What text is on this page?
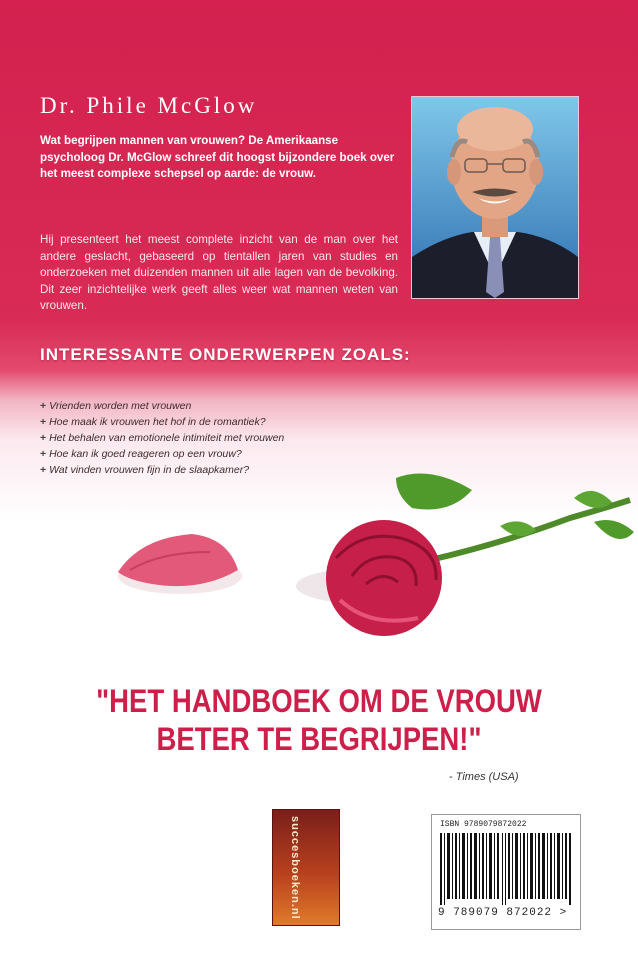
Dr. Phile McGlow
Wat begrijpen mannen van vrouwen? De Amerikaanse psycholoog Dr. McGlow schreef dit hoogst bijzondere boek over het meest complexe schepsel op aarde: de vrouw.
Hij presenteert het meest complete inzicht van de man over het andere geslacht, gebaseerd op tientallen jaren van studies en onderzoeken met duizenden mannen uit alle lagen van de bevolking. Dit zeer inzichtelijke werk geeft alles weer wat mannen weten van vrouwen.
INTERESSANTE ONDERWERPEN ZOALS:
+ Vrienden worden met vrouwen
+ Hoe maak ik vrouwen het hof in de romantiek?
+ Het behalen van emotionele intimiteit met vrouwen
+ Hoe kan ik goed reageren op een vrouw?
+ Wat vinden vrouwen fijn in de slaapkamer?
"HET HANDBOEK OM DE VROUW
BETER TE BEGRIJPEN!"
- Times (USA)
succesboeken.nl	ISBN 9789079872022
9 789079 872022 >
